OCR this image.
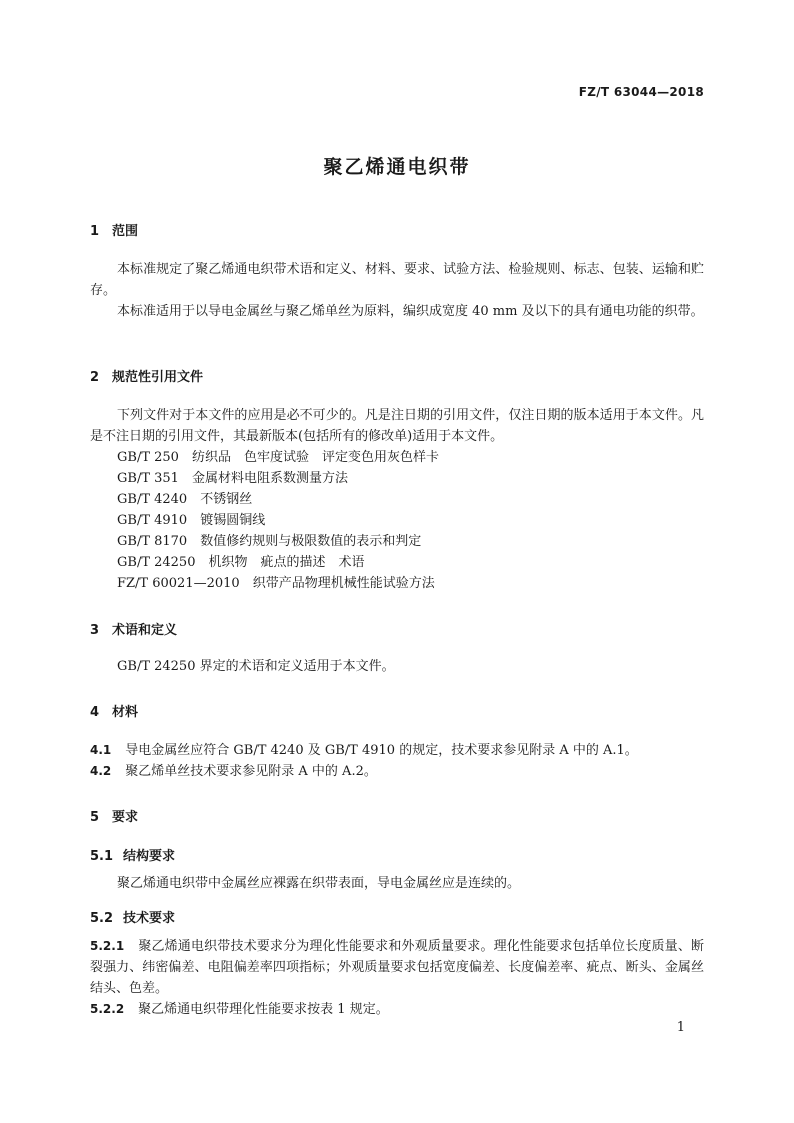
FZ/T 63044—2018
聚乙烯通电织带
1 范围
本标准规定了聚乙烯通电织带术语和定义、材料、要求、试验方法、检验规则、标志、包装、运输和贮存。
本标准适用于以导电金属丝与聚乙烯单丝为原料，编织成宽度 40 mm 及以下的具有通电功能的织带。
2 规范性引用文件
下列文件对于本文件的应用是必不可少的。凡是注日期的引用文件，仅注日期的版本适用于本文件。凡是不注日期的引用文件，其最新版本(包括所有的修改单)适用于本文件。
GB/T 250　 纺织品　色牢度试验　评定变色用灰色样卡
GB/T 351　 金属材料电阻系数测量方法
GB/T 4240　 不锈钢丝
GB/T 4910　 镀锡圆铜线
GB/T 8170　 数值修约规则与极限数值的表示和判定
GB/T 24250　 机织物　疵点的描述　术语
FZ/T 60021—2010　 织带产品物理机械性能试验方法
3 术语和定义
GB/T 24250 界定的术语和定义适用于本文件。
4 材料
4.1 导电金属丝应符合 GB/T 4240 及 GB/T 4910 的规定，技术要求参见附录 A 中的 A.1。
4.2 聚乙烯单丝技术要求参见附录 A 中的 A.2。
5 要求
5.1 结构要求
聚乙烯通电织带中金属丝应裸露在织带表面，导电金属丝应是连续的。
5.2 技术要求
5.2.1 聚乙烯通电织带技术要求分为理化性能要求和外观质量要求。理化性能要求包括单位长度质量、断裂强力、纬密偏差、电阻偏差率四项指标；外观质量要求包括宽度偏差、长度偏差率、疵点、断头、金属丝结头、色差。
5.2.2 聚乙烯通电织带理化性能要求按表 1 规定。
1
